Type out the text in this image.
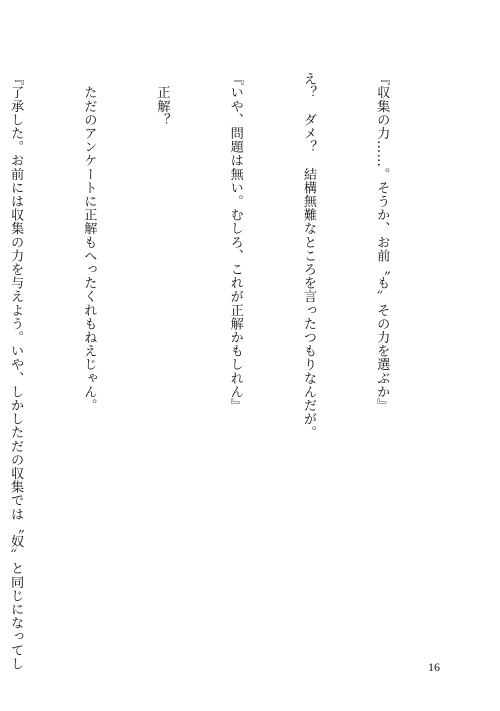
『収集の力……。そうか、お前〝も〟その力を選ぶか』

え？　ダメ？　結構無難なところを言ったつもりなんだが。

『いや、問題は無い。むしろ、これが正解かもしれん』

　正解？

　ただのアンケートに正解もへったくれもねえじゃん。

『了承した。お前には収集の力を与えよう。いや、しかしただの収集では〝奴〟と同じになってし

	16
